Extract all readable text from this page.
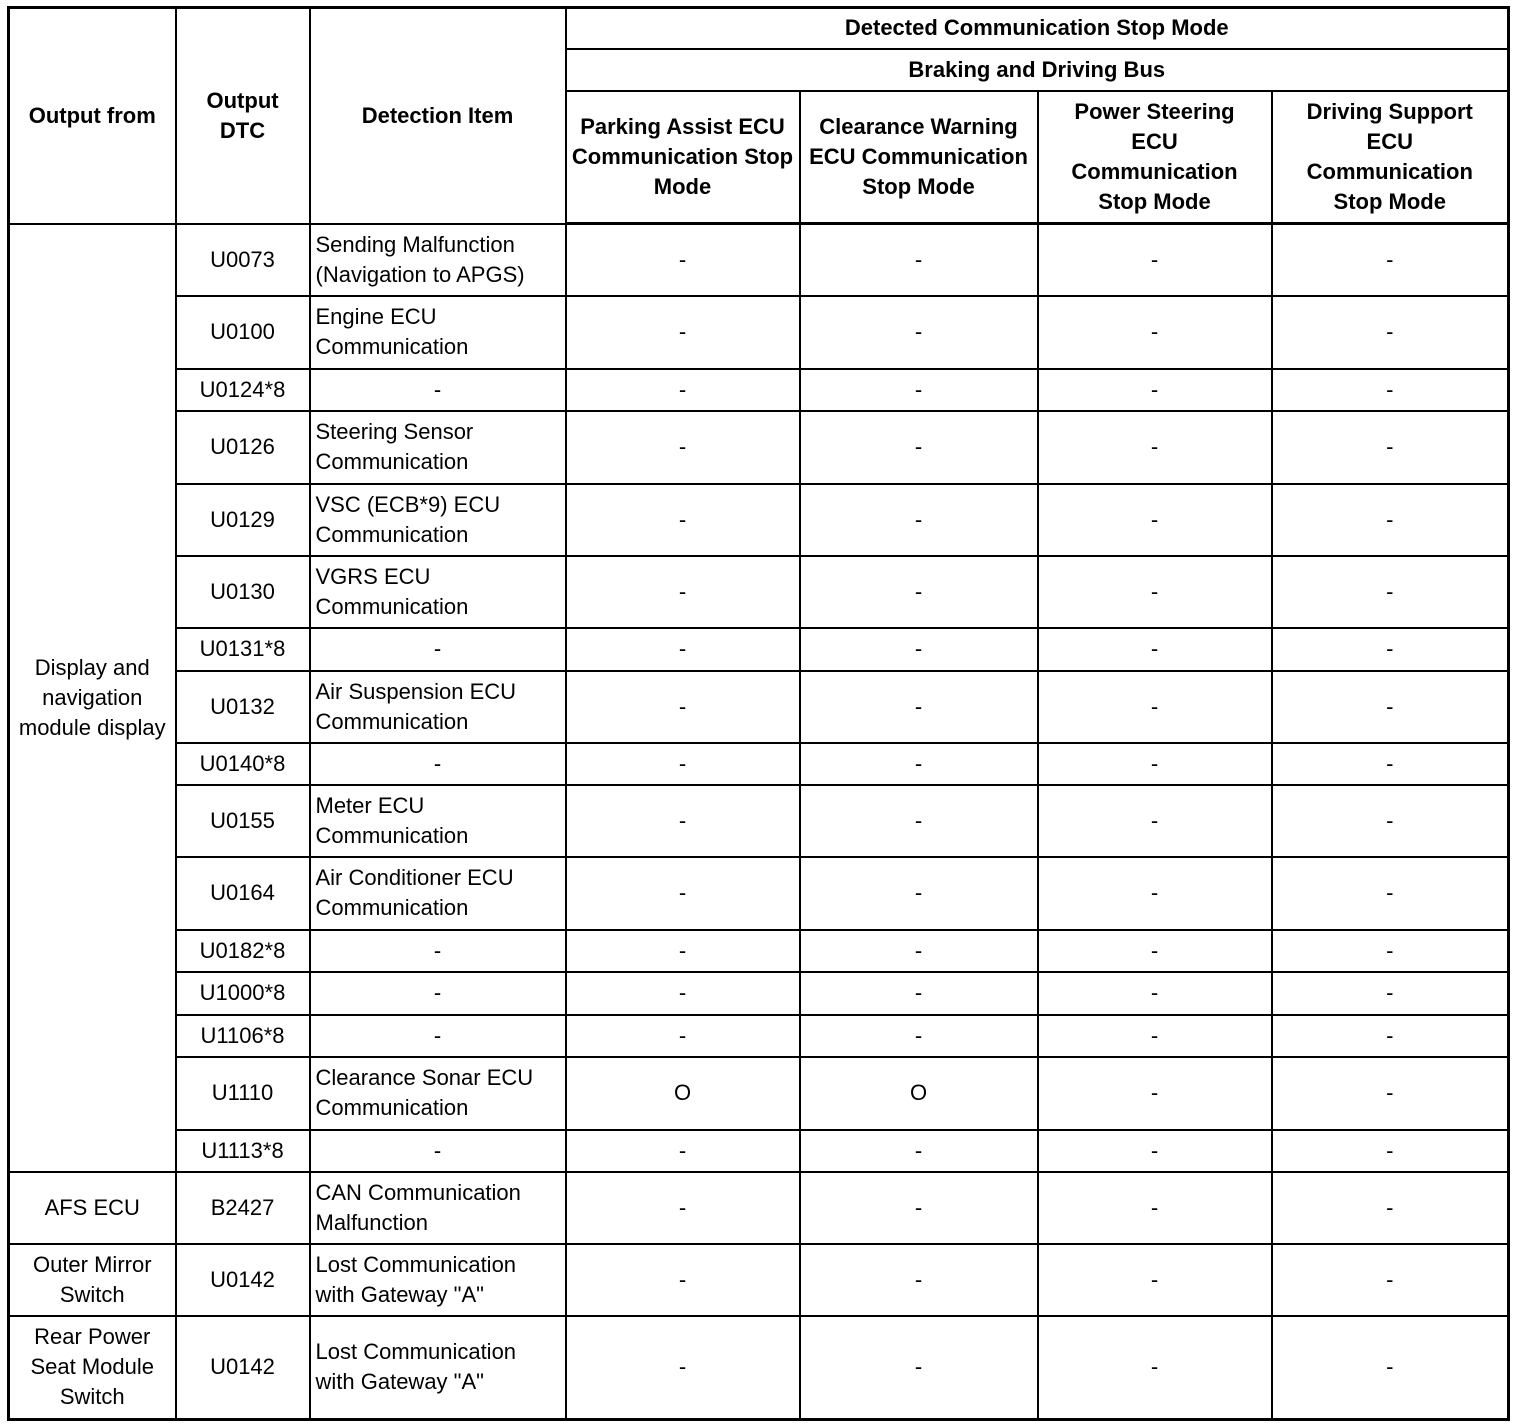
Output from	Output DTC	Detection Item	Detected Communication Stop Mode			
			Braking and Driving Bus			
			Parking Assist ECU Communication Stop Mode	Clearance Warning ECU Communication Stop Mode	Power Steering ECU Communication Stop Mode	Driving Support ECU Communication Stop Mode
Display and navigation module display	U0073	Sending Malfunction (Navigation to APGS)	-	-	-	-
	U0100	Engine ECU Communication	-	-	-	-
	U0124*8	-	-	-	-	-
	U0126	Steering Sensor Communication	-	-	-	-
	U0129	VSC (ECB*9) ECU Communication	-	-	-	-
	U0130	VGRS ECU Communication	-	-	-	-
	U0131*8	-	-	-	-	-
	U0132	Air Suspension ECU Communication	-	-	-	-
	U0140*8	-	-	-	-	-
	U0155	Meter ECU Communication	-	-	-	-
	U0164	Air Conditioner ECU Communication	-	-	-	-
	U0182*8	-	-	-	-	-
	U1000*8	-	-	-	-	-
	U1106*8	-	-	-	-	-
	U1110	Clearance Sonar ECU Communication	O	O	-	-
	U1113*8	-	-	-	-	-
AFS ECU	B2427	CAN Communication Malfunction	-	-	-	-
Outer Mirror Switch	U0142	Lost Communication with Gateway "A"	-	-	-	-
Rear Power Seat Module Switch	U0142	Lost Communication with Gateway "A"	-	-	-	-
